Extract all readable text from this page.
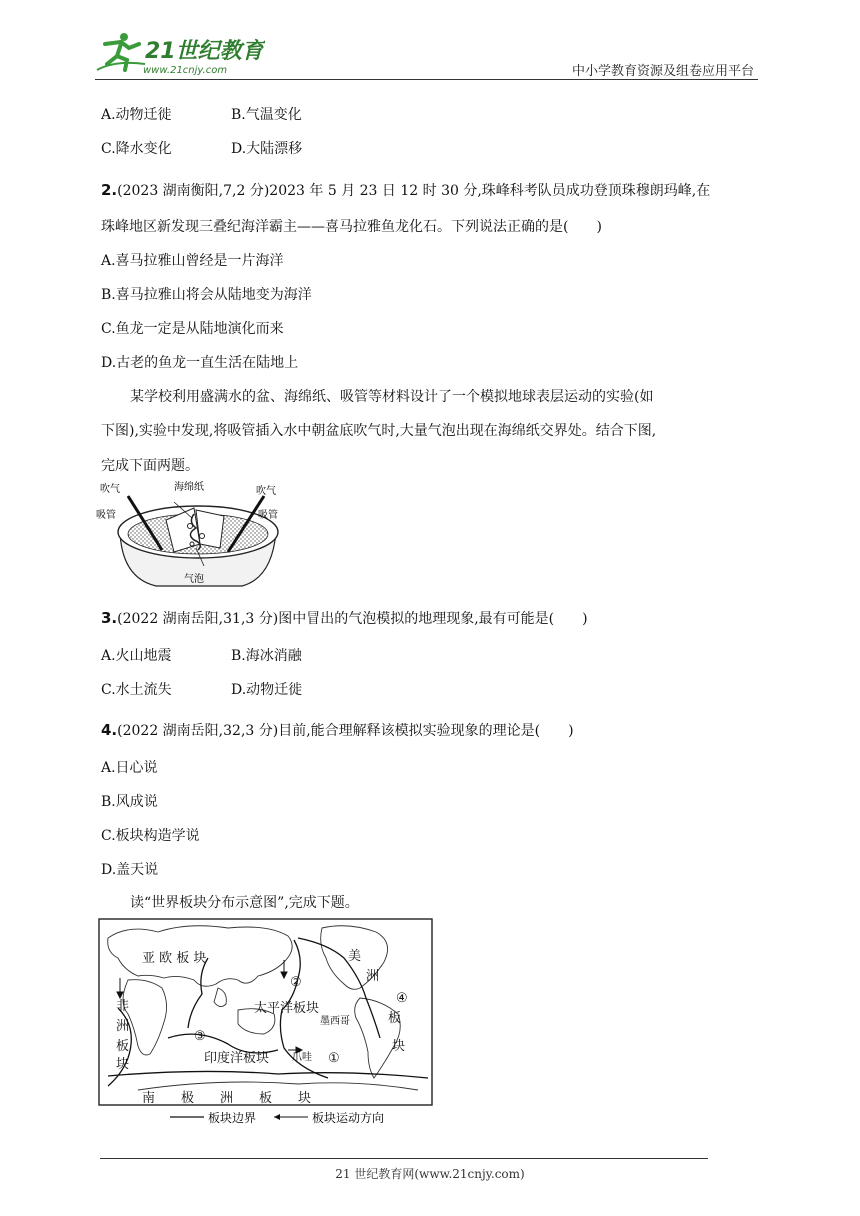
21世纪教育
www.21cnjy.com	中小学教育资源及组卷应用平台
A.动物迁徙	B.气温变化
C.降水变化	D.大陆漂移
2.(2023 湖南衡阳,7,2 分)2023 年 5 月 23 日 12 时 30 分,珠峰科考队员成功登顶珠穆朗玛峰,在
珠峰地区新发现三叠纪海洋霸主——喜马拉雅鱼龙化石。下列说法正确的是(　　)
A.喜马拉雅山曾经是一片海洋
B.喜马拉雅山将会从陆地变为海洋
C.鱼龙一定是从陆地演化而来
D.古老的鱼龙一直生活在陆地上
某学校利用盛满水的盆、海绵纸、吸管等材料设计了一个模拟地球表层运动的实验(如
下图),实验中发现,将吸管插入水中朝盆底吹气时,大量气泡出现在海绵纸交界处。结合下图,
完成下面两题。
吹气
吸管
海绵纸	吹气
吸管
气泡
3.(2022 湖南岳阳,31,3 分)图中冒出的气泡模拟的地理现象,最有可能是(　　)
A.火山地震	B.海冰消融
C.水土流失	D.动物迁徙
4.(2022 湖南岳阳,32,3 分)目前,能合理解释该模拟实验现象的理论是(　　)
A.日心说
B.风成说
C.板块构造学说
D.盖天说
读“世界板块分布示意图”,完成下题。
亚 欧 板 块	美
洲
板
块
太平洋板块
非
洲
板
块	印度洋板块
南　　极　　洲　　板　　块
①
②
③
④
墨西哥
爪哇
板块边界	板块运动方向
21 世纪教育网(www.21cnjy.com)
